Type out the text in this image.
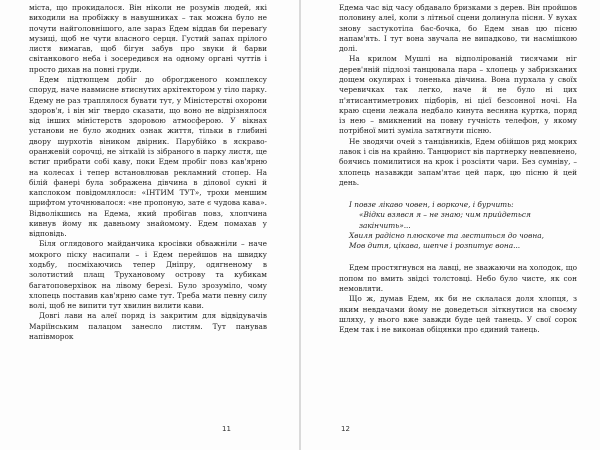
міста, що прокидалося. Він ніколи не розумів людей, які виходили на пробіжку в навушниках – так можна було не почути найголовнішого, але зараз Едем віддав би переваґу музиці, щоб не чути власного серця. Густий запах прілого листя вимагав, щоб бігун забув про звуки й барви світанкового неба і зосередився на одному органі чуттів і просто дихав на повні груди.

Едем підтюпцем добіг до оброгдженого комплексу споруд, наче навмисне втиснутих архітектором у тіло парку. Едему не раз траплялося бувати тут, у Міністерстві охорони здоров'я, і він міг твердо сказати, що воно не відрізнялося від інших міністерств здоровою атмосферою. У вікнах установи не було жодних ознак життя, тільки в глибині двору шурхотів віником двірник. Парубійко в яскраво-оранжевій сорочці, не зіткаїй із зібраного в парку листя, ще встиг прибрати собі каву, поки Едем пробіг повз кав'ярню на колесах і тепер встановлював рекламний стопер. На білій фанері була зображена дівчина в ділової сукні й капслоком повідомлялося: «ІНТИМ ТУТ», трохи меншим шрифтом уточнювалося: «не пропоную, зате є чудова кава». Відволікшись на Едема, який пробігав повз, хлопчина кивнув йому як давньому знайомому. Едем помахав у відповідь.

Біля оглядового майданчика кросівки обважніли – наче мокрого піску насипали – і Едем перейшов на швидку ходьбу, посміхаючись тепер Дніпру, одягненому в золотистий плащ Трухановому острову та кубикам багатоповерхівок на лівому березі. Було зрозуміло, чому хлопець поставив кав'ярню саме тут. Треба мати певну силу волі, щоб не випити тут хвилин вилити кави.

Довгі лави на алеї поряд із закритим для відвідувачів Маріїнським палацом занесло листям. Тут панував напівморок

11

Едема час від часу обдавало бризками з дерев. Він пройшов половину алеї, коли з літньої сцени долинула пісня. У вухах знову застукотіла бас-бочка, бо Едем знав цю пісню напам'ять. І тут вона звучала не випадково, ти насмішкою долі.

На крилом Мушлі на відполірованій тисячами ніг дерев'яній підлозі танцювала пара – хлопець у забризканих дощем окулярах і тоненька дівчина. Вона пурхала у своїх черевичках так легко, наче й не було ні цих п'ятисантиметрових підборів, ні цієї безсонної ночі. На краю сцени лежала недбало кинута весняна куртка, поряд із нею – вмикнений на повну гучність телефон, у якому потрібної миті зуміла затягнути пісню.

Не зводячи очей з танцівників, Едем обійшов ряд мокрих лавок і сів на крайню. Танцюрист вів партнерку невпевнено, боячись помилитися на крок і розсіяти чари. Без сумніву, – хлопець назавжди запам'ятає цей парк, цю пісню й цей день.

І повзе лікаво човен, і воркоче, і бурчить:
«Відки взявся я – не знаю; чим прийдеться закінчить»...
Хвиля радісно плюскоче та леститься до човна,
Мов дитя, цікава, шепче і розпитує вона...

Едем простягнувся на лавці, не зважаючи на холодок, що попом по вмить звідсі толстовці. Небо було чисте, як сон немовляти.

Що ж, думав Едем, як би не склалася доля хлопця, з яким невдачами йому не доведеться зіткнутися на своєму шляху, у нього вже завжди буде цей танець. У свої сорок Едем так і не виконав обіцянки про єдиний танець.

12
